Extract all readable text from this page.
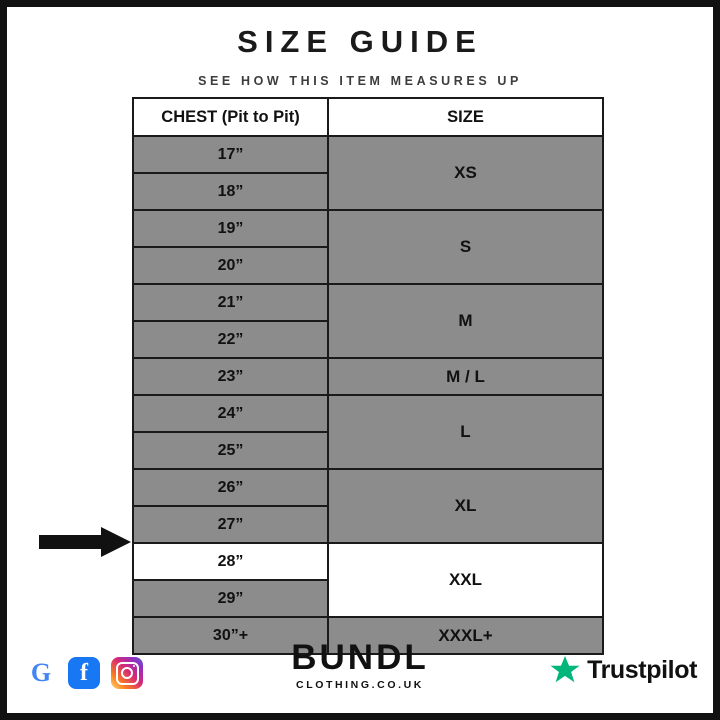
SIZE GUIDE
SEE HOW THIS ITEM MEASURES UP
CHEST (Pit to Pit)	SIZE
17”	XS
18”	
19”	S
20”	
21”	M
22”	
23”	M / L
24”	L
25”	
26”	XL
27”	
28”	XXL
29”	
30”+	XXXL+
G f	BUNDL
CLOTHING.CO.UK
Trustpilot
